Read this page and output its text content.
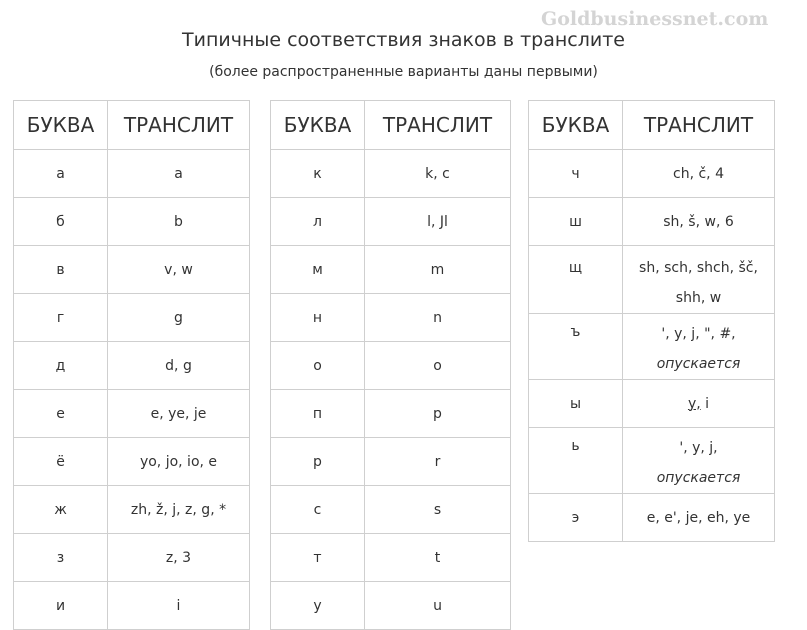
Goldbusinessnet.com
Типичные соответствия знаков в транслите
(более распространенные варианты даны первыми)
БУКВА	ТРАНСЛИТ
а	a
б	b
в	v, w
г	g
д	d, g
е	e, ye, je
ё	yo, jo, io, e
ж	zh, ž, j, z, g, *
з	z, 3
и	i
БУКВА	ТРАНСЛИТ
к	k, c
л	l, Jl
м	m
н	n
о	o
п	p
р	r
с	s
т	t
у	u
БУКВА	ТРАНСЛИТ
ч	ch, č, 4
ш	sh, š, w, 6
щ	sh, sch, shch, šč,
shh, w

ъ	', y, j, ", #,
опускается

ы	y, i
ь	', y, j,
опускается

э	e, e', je, eh, ye
